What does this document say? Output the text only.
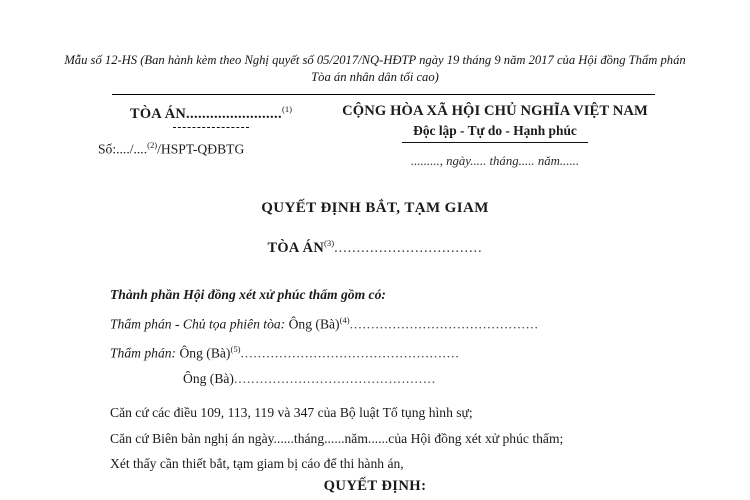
Mẫu số 12-HS (Ban hành kèm theo Nghị quyết số 05/2017/NQ-HĐTP ngày 19 tháng 9 năm 2017 của Hội đồng Thẩm phán Tòa án nhân dân tối cao)
TÒA ÁN........................$^{(1)}$
Số:..../....$^{(2)}$/HSPT-QĐBTG
CỘNG HÒA XÃ HỘI CHỦ NGHĨA VIỆT NAM
Độc lập - Tự do - Hạnh phúc
........., ngày..... tháng..... năm......
QUYẾT ĐỊNH BẮT, TẠM GIAM
TÒA ÁN$^{(3)}$.................................
Thành phần Hội đồng xét xử phúc thẩm gồm có:
Thẩm phán - Chủ tọa phiên tòa: Ông (Bà)$^{(4)}$............................................
Thẩm phán: Ông (Bà)$^{(5)}$...................................................
Ông (Bà)...............................................
Căn cứ các điều 109, 113, 119 và 347 của Bộ luật Tố tụng hình sự;
Căn cứ Biên bản nghị án ngày......tháng......năm......của Hội đồng xét xử phúc thẩm;
Xét thấy cần thiết bắt, tạm giam bị cáo để thi hành án,
QUYẾT ĐỊNH:
